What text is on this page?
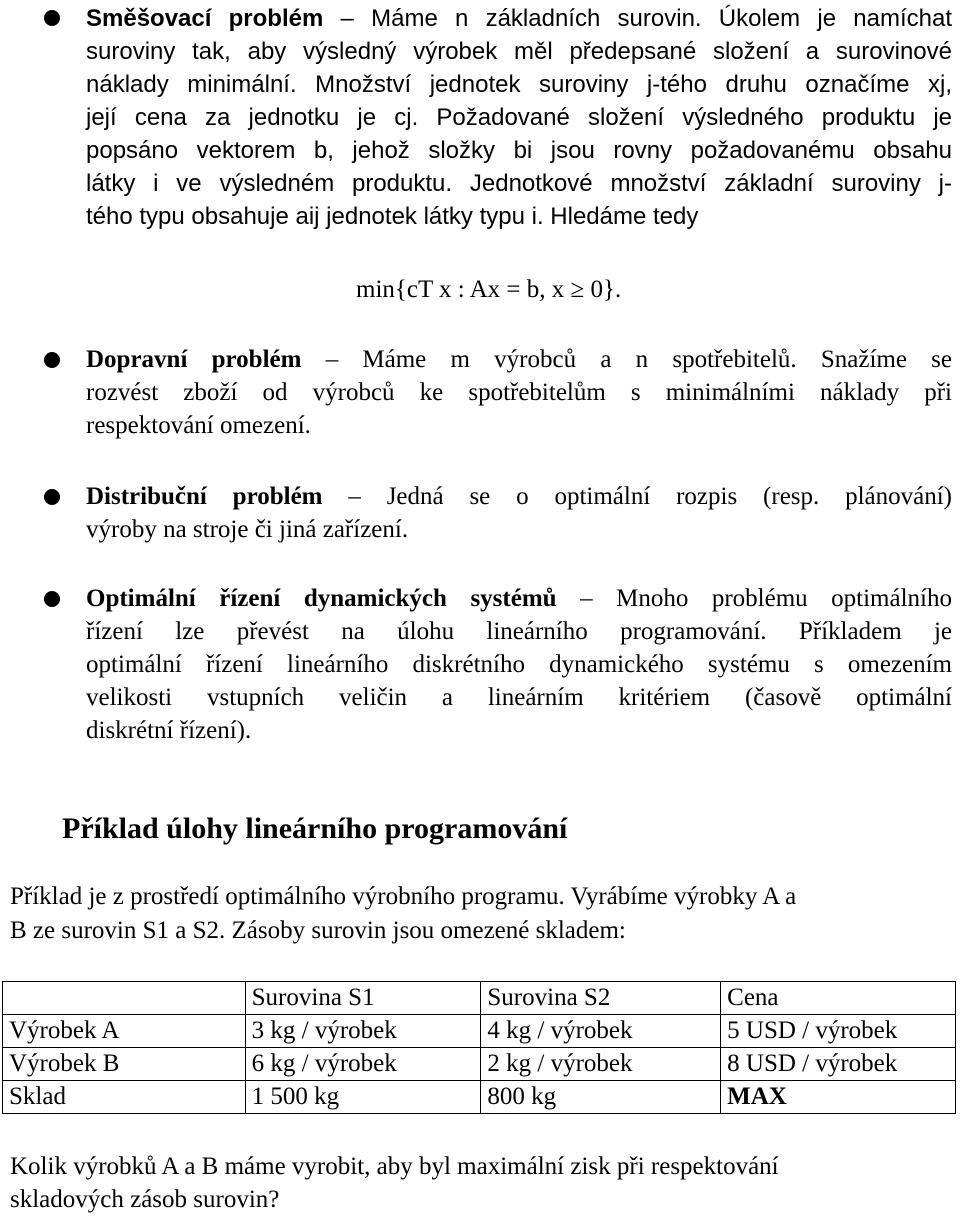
Směšovací problém – Máme n základních surovin. Úkolem je namíchat
suroviny tak, aby výsledný výrobek měl předepsané složení a surovinové
náklady minimální. Množství jednotek suroviny j-tého druhu označíme xj,
její cena za jednotku je cj. Požadované složení výsledného produktu je
popsáno vektorem b, jehož složky bi jsou rovny požadovanému obsahu
látky i ve výsledném produktu. Jednotkové množství základní suroviny j-
tého typu obsahuje aij jednotek látky typu i. Hledáme tedy
min{cT x : Ax = b, x ≥ 0}.
Dopravní problém – Máme m výrobců a n spotřebitelů. Snažíme se
rozvést zboží od výrobců ke spotřebitelům s minimálními náklady při
respektování omezení.
Distribuční problém – Jedná se o optimální rozpis (resp. plánování)
výroby na stroje či jiná zařízení.
Optimální řízení dynamických systémů – Mnoho problému optimálního
řízení lze převést na úlohu lineárního programování. Příkladem je
optimální řízení lineárního diskrétního dynamického systému s omezením
velikosti vstupních veličin a lineárním kritériem (časově optimální
diskrétní řízení).
Příklad úlohy lineárního programování
Příklad je z prostředí optimálního výrobního programu. Vyrábíme výrobky A a
B ze surovin S1 a S2. Zásoby surovin jsou omezené skladem:
	Surovina S1	Surovina S2	Cena
Výrobek A	3 kg / výrobek	4 kg / výrobek	5 USD / výrobek
Výrobek B	6 kg / výrobek	2 kg / výrobek	8 USD / výrobek
Sklad	1 500 kg	800 kg	MAX
Kolik výrobků A a B máme vyrobit, aby byl maximální zisk při respektování
skladových zásob surovin?
